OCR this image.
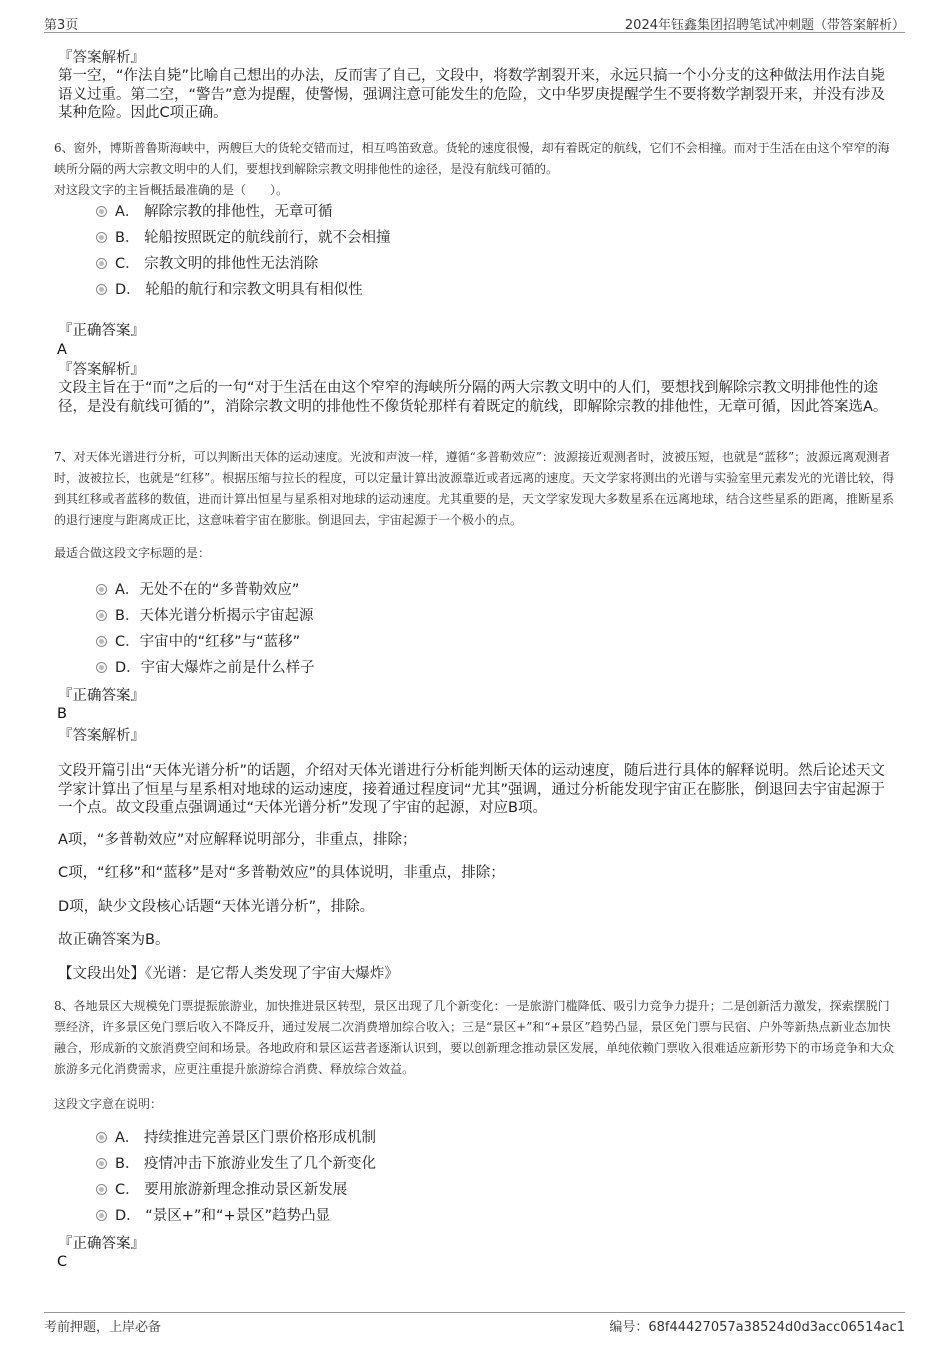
第3页	2024年钰鑫集团招聘笔试冲刺题（带答案解析）
『答案解析』
第一空，“作法自毙”比喻自己想出的办法，反而害了自己，文段中，将数学割裂开来，永远只搞一个小分支的这种做法用作法自毙语义过重。第二空，“警告”意为提醒，使警惕，强调注意可能发生的危险，文中华罗庚提醒学生不要将数学割裂开来，并没有涉及某种危险。因此C项正确。
6、窗外，博斯普鲁斯海峡中，两艘巨大的货轮交错而过，相互鸣笛致意。货轮的速度很慢，却有着既定的航线，它们不会相撞。而对于生活在由这个窄窄的海峡所分隔的两大宗教文明中的人们，要想找到解除宗教文明排他性的途径，是没有航线可循的。
对这段文字的主旨概括最准确的是（　　）。
A． 解除宗教的排他性，无章可循
B． 轮船按照既定的航线前行，就不会相撞
C． 宗教文明的排他性无法消除
D． 轮船的航行和宗教文明具有相似性
『正确答案』
A
『答案解析』
文段主旨在于“而”之后的一句“对于生活在由这个窄窄的海峡所分隔的两大宗教文明中的人们，要想找到解除宗教文明排他性的途径，是没有航线可循的”，消除宗教文明的排他性不像货轮那样有着既定的航线，即解除宗教的排他性，无章可循，因此答案选A。
7、对天体光谱进行分析，可以判断出天体的运动速度。光波和声波一样，遵循“多普勒效应”：波源接近观测者时，波被压短，也就是“蓝移”；波源远离观测者时，波被拉长，也就是“红移”。根据压缩与拉长的程度，可以定量计算出波源靠近或者远离的速度。天文学家将测出的光谱与实验室里元素发光的光谱比较，得到其红移或者蓝移的数值，进而计算出恒星与星系相对地球的运动速度。尤其重要的是，天文学家发现大多数星系在远离地球，结合这些星系的距离，推断星系的退行速度与距离成正比，这意味着宇宙在膨胀。倒退回去，宇宙起源于一个极小的点。
最适合做这段文字标题的是：
A．无处不在的“多普勒效应”
B．天体光谱分析揭示宇宙起源
C．宇宙中的“红移”与“蓝移”
D．宇宙大爆炸之前是什么样子
『正确答案』
B
『答案解析』
文段开篇引出“天体光谱分析”的话题，介绍对天体光谱进行分析能判断天体的运动速度，随后进行具体的解释说明。然后论述天文学家计算出了恒星与星系相对地球的运动速度，接着通过程度词“尤其”强调，通过分析能发现宇宙正在膨胀，倒退回去宇宙起源于一个点。故文段重点强调通过“天体光谱分析”发现了宇宙的起源，对应B项。
A项，“多普勒效应”对应解释说明部分，非重点，排除；
C项，“红移”和“蓝移”是对“多普勒效应”的具体说明，非重点，排除；
D项，缺少文段核心话题“天体光谱分析”，排除。
故正确答案为B。
【文段出处】《光谱：是它帮人类发现了宇宙大爆炸》
8、各地景区大规模免门票提振旅游业，加快推进景区转型，景区出现了几个新变化：一是旅游门槛降低、吸引力竞争力提升；二是创新活力激发，探索摆脱门票经济，许多景区免门票后收入不降反升，通过发展二次消费增加综合收入；三是“景区+”和“+景区”趋势凸显，景区免门票与民宿、户外等新热点新业态加快融合，形成新的文旅消费空间和场景。各地政府和景区运营者逐渐认识到，要以创新理念推动景区发展，单纯依赖门票收入很难适应新形势下的市场竞争和大众旅游多元化消费需求，应更注重提升旅游综合消费、释放综合效益。
这段文字意在说明：
A． 持续推进完善景区门票价格形成机制
B． 疫情冲击下旅游业发生了几个新变化
C． 要用旅游新理念推动景区新发展
D． “景区+”和“+景区”趋势凸显
『正确答案』
C
考前押题，上岸必备	编号：68f44427057a38524d0d3acc06514ac1
